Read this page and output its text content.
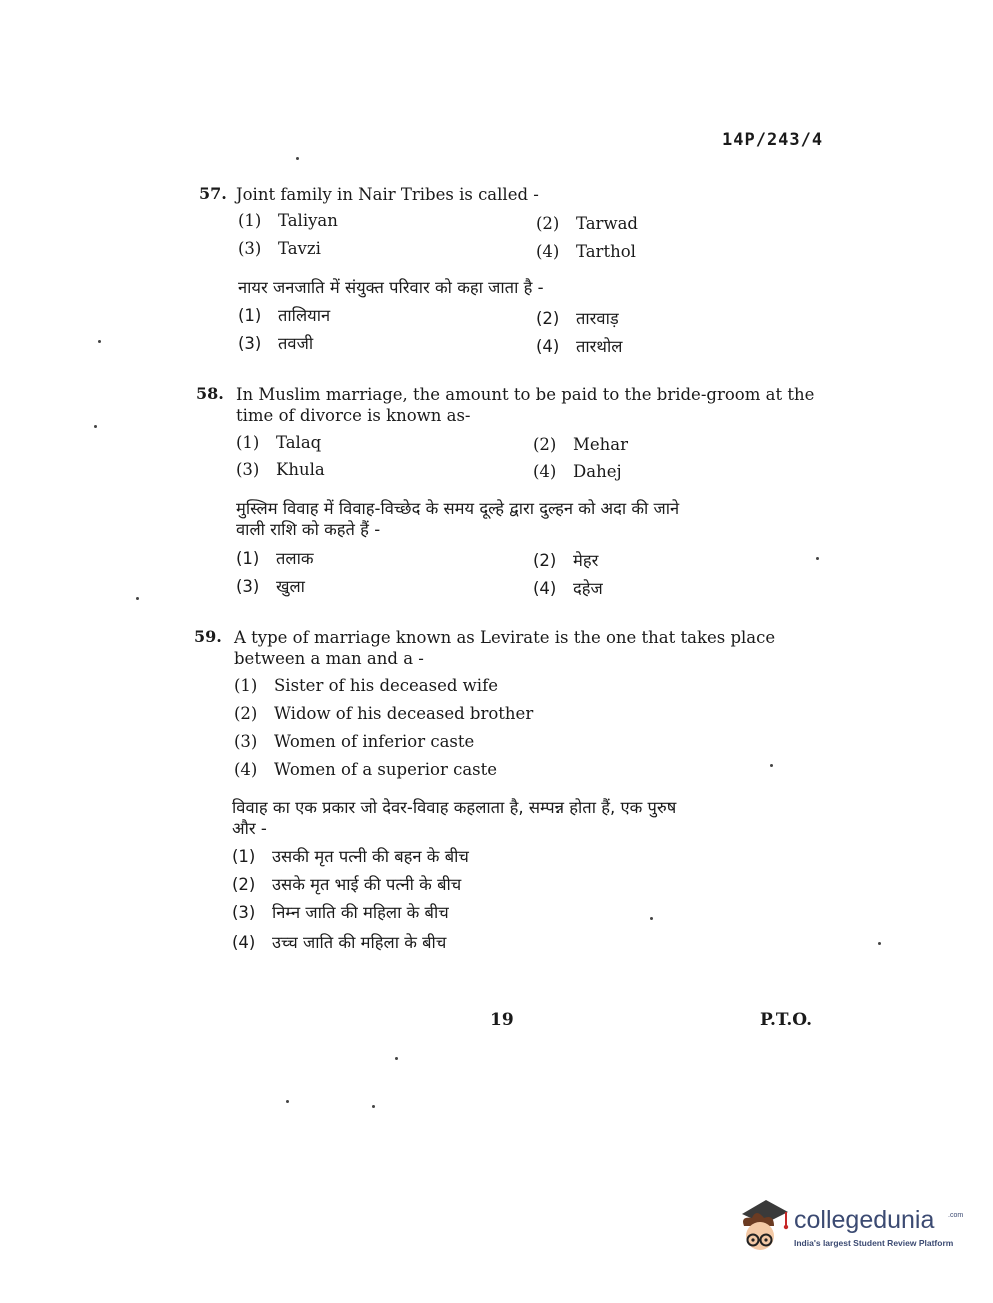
14P/243/4
57. Joint family in Nair Tribes is called -
(1) Taliyan	(2) Tarwad
(3) Tavzi	(4) Tarthol
नायर जनजाति में संयुक्त परिवार को कहा जाता है -
(1) तालियान	(2) तारवाड़
(3) तवजी	(4) तारथोल
58. In Muslim marriage, the amount to be paid to the bride-groom at the
time of divorce is known as-
(1) Talaq	(2) Mehar
(3) Khula	(4) Dahej
मुस्लिम विवाह में विवाह-विच्छेद के समय दूल्हे द्वारा दुल्हन को अदा की जाने
वाली राशि को कहते हैं -
(1) तलाक	(2) मेहर
(3) खुला	(4) दहेज
59. A type of marriage known as Levirate is the one that takes place
between a man and a -
(1) Sister of his deceased wife
(2) Widow of his deceased brother
(3) Women of inferior caste
(4) Women of a superior caste
विवाह का एक प्रकार जो देवर-विवाह कहलाता है, सम्पन्न होता हैं, एक पुरुष
और -
(1) उसकी मृत पत्नी की बहन के बीच
(2) उसके मृत भाई की पत्नी के बीच
(3) निम्न जाति की महिला के बीच
(4) उच्च जाति की महिला के बीच
19	P.T.O.
collegedunia .com
India's largest Student Review Platform
